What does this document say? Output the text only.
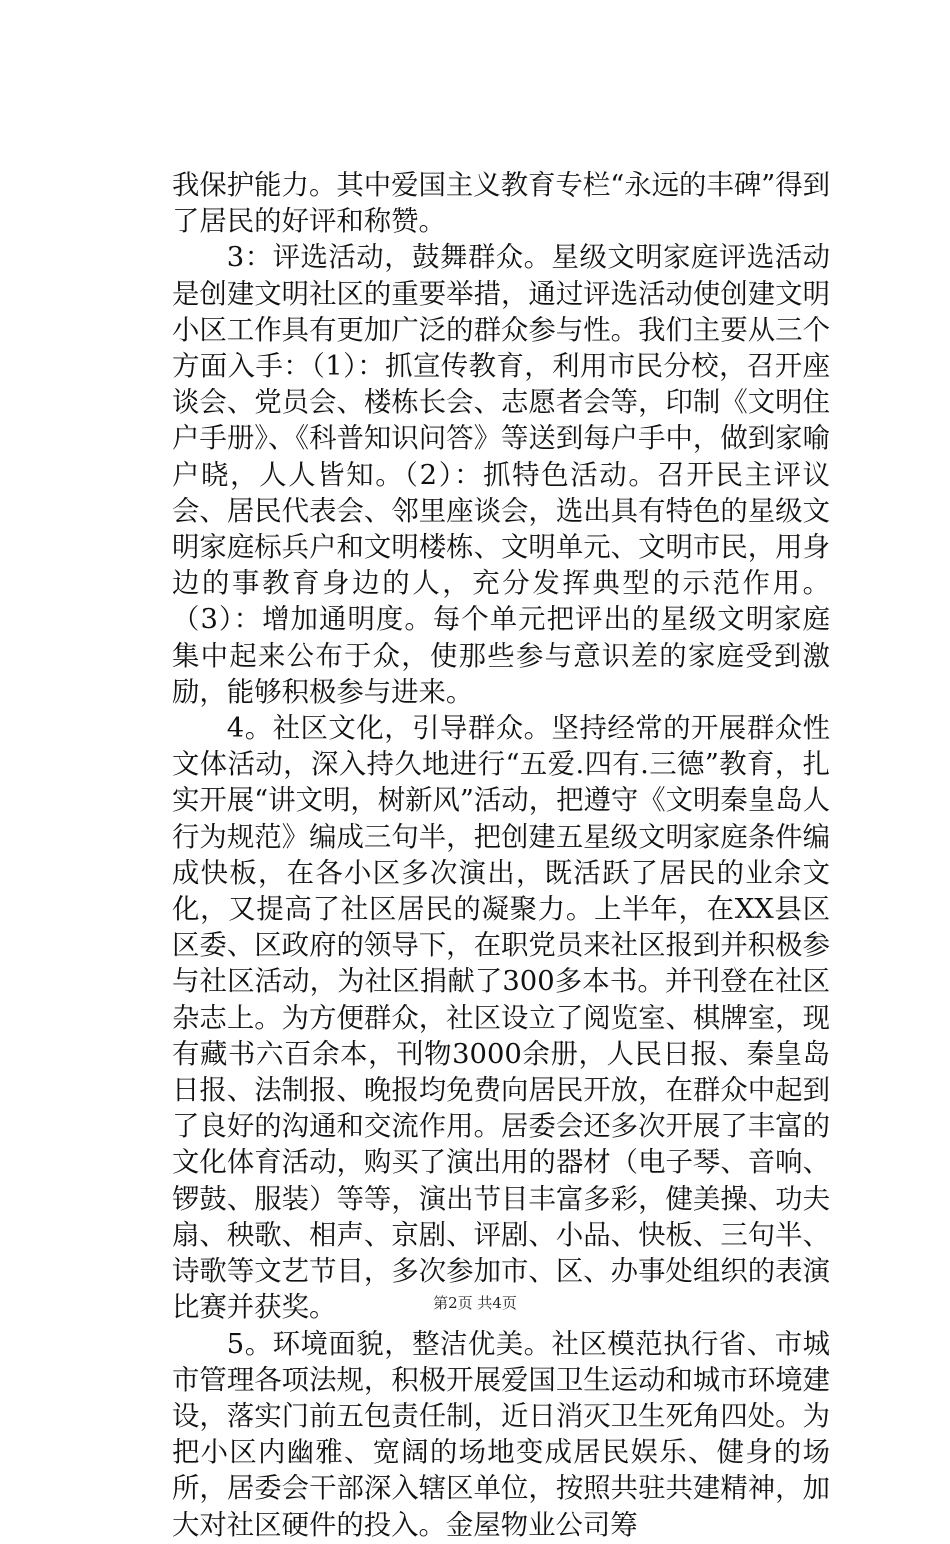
我保护能力。其中爱国主义教育专栏“永远的丰碑”得到了居民的好评和称赞。

3：评选活动，鼓舞群众。星级文明家庭评选活动是创建文明社区的重要举措，通过评选活动使创建文明小区工作具有更加广泛的群众参与性。我们主要从三个方面入手：（1）：抓宣传教育，利用市民分校，召开座谈会、党员会、楼栋长会、志愿者会等，印制《文明住户手册》、《科普知识问答》等送到每户手中，做到家喻户晓，人人皆知。（2）：抓特色活动。召开民主评议会、居民代表会、邻里座谈会，选出具有特色的星级文明家庭标兵户和文明楼栋、文明单元、文明市民，用身边的事教育身边的人，充分发挥典型的示范作用。（3）：增加通明度。每个单元把评出的星级文明家庭集中起来公布于众，使那些参与意识差的家庭受到激励，能够积极参与进来。

4。社区文化，引导群众。坚持经常的开展群众性文体活动，深入持久地进行“五爱.四有.三德”教育，扎实开展“讲文明，树新风”活动，把遵守《文明秦皇岛人行为规范》编成三句半，把创建五星级文明家庭条件编成快板，在各小区多次演出，既活跃了居民的业余文化，又提高了社区居民的凝聚力。上半年，在XX县区区委、区政府的领导下，在职党员来社区报到并积极参与社区活动，为社区捐献了300多本书。并刊登在社区杂志上。为方便群众，社区设立了阅览室、棋牌室，现有藏书六百余本，刊物3000余册，人民日报、秦皇岛日报、法制报、晚报均免费向居民开放，在群众中起到了良好的沟通和交流作用。居委会还多次开展了丰富的文化体育活动，购买了演出用的器材（电子琴、音响、锣鼓、服装）等等，演出节目丰富多彩，健美操、功夫扇、秧歌、相声、京剧、评剧、小品、快板、三句半、诗歌等文艺节目，多次参加市、区、办事处组织的表演比赛并获奖。

5。环境面貌，整洁优美。社区模范执行省、市城市管理各项法规，积极开展爱国卫生运动和城市环境建设，落实门前五包责任制，近日消灭卫生死角四处。为把小区内幽雅、宽阔的场地变成居民娱乐、健身的场所，居委会干部深入辖区单位，按照共驻共建精神，加大对社区硬件的投入。金屋物业公司筹

第2页 共4页
